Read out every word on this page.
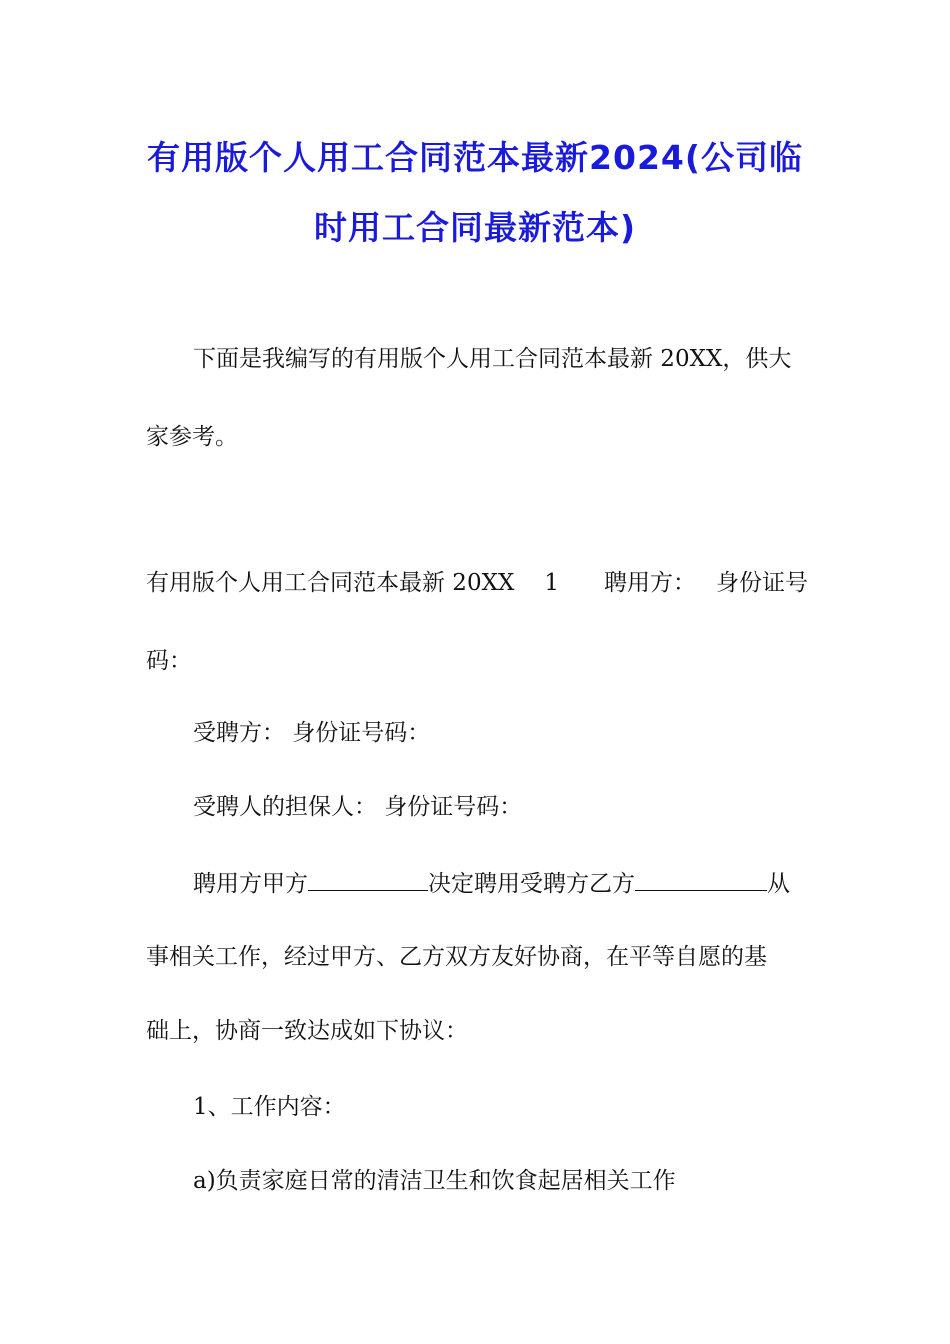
有用版个人用工合同范本最新2024(公司临
时用工合同最新范本)
下面是我编写的有用版个人用工合同范本最新 20XX，供大
家参考。
有用版个人用工合同范本最新 20XX 1 聘用方： 身份证号
码：
受聘方： 身份证号码：
受聘人的担保人： 身份证号码：
聘用方甲方	决定聘用受聘方乙方	从
事相关工作，经过甲方、乙方双方友好协商，在平等自愿的基
础上，协商一致达成如下协议：
1、工作内容：
a)负责家庭日常的清洁卫生和饮食起居相关工作
